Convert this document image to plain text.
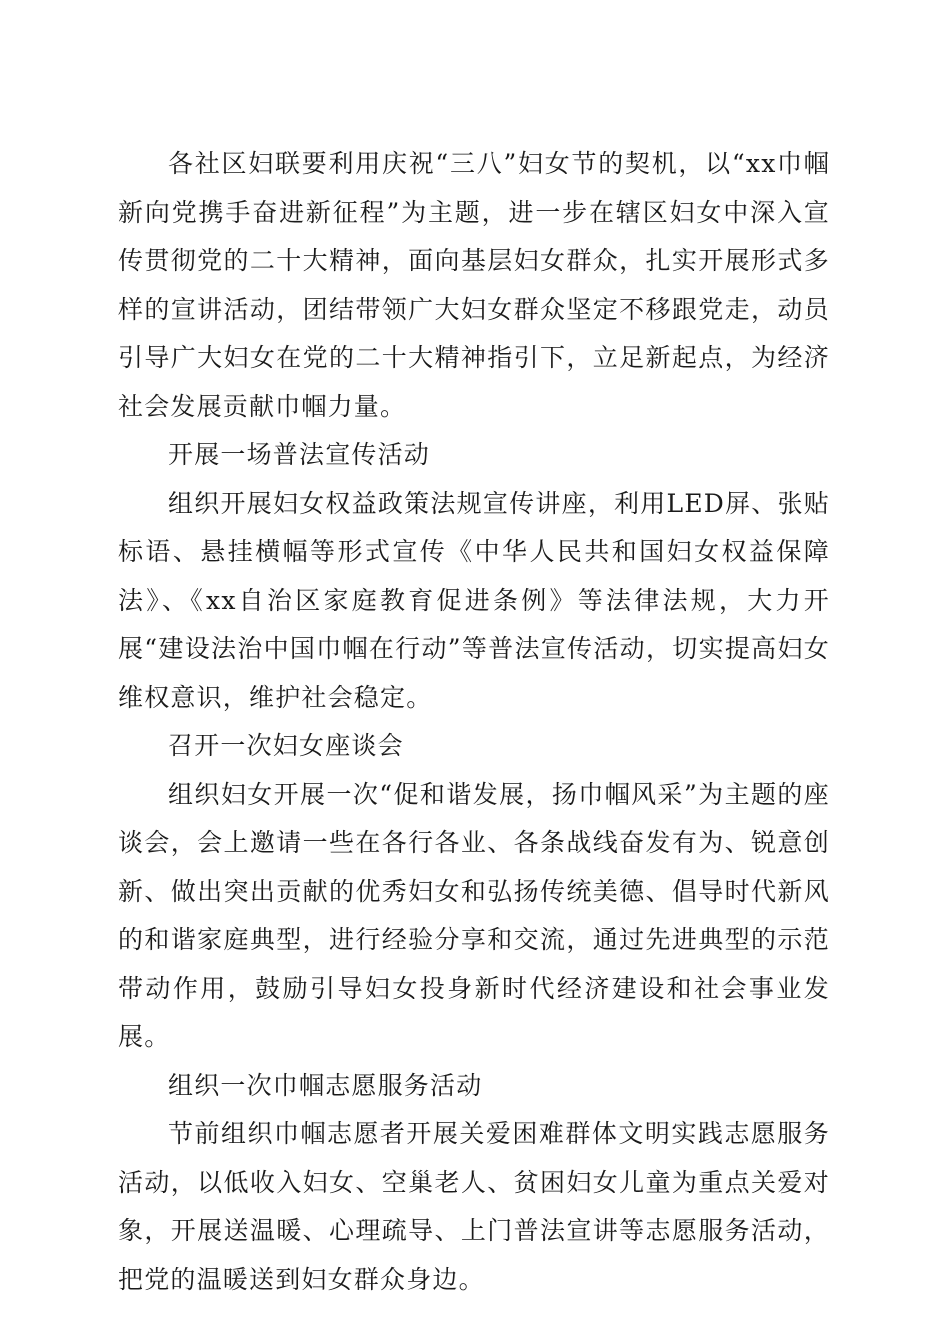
各社区妇联要利用庆祝“三八”妇女节的契机，以“xx巾帼新向党携手奋进新征程”为主题，进一步在辖区妇女中深入宣传贯彻党的二十大精神，面向基层妇女群众，扎实开展形式多样的宣讲活动，团结带领广大妇女群众坚定不移跟党走，动员引导广大妇女在党的二十大精神指引下，立足新起点，为经济社会发展贡献巾帼力量。

开展一场普法宣传活动

组织开展妇女权益政策法规宣传讲座，利用LED屏、张贴标语、悬挂横幅等形式宣传《中华人民共和国妇女权益保障法》、《xx自治区家庭教育促进条例》等法律法规，大力开展“建设法治中国巾帼在行动”等普法宣传活动，切实提高妇女维权意识，维护社会稳定。

召开一次妇女座谈会

组织妇女开展一次“促和谐发展，扬巾帼风采”为主题的座谈会，会上邀请一些在各行各业、各条战线奋发有为、锐意创新、做出突出贡献的优秀妇女和弘扬传统美德、倡导时代新风的和谐家庭典型，进行经验分享和交流，通过先进典型的示范带动作用，鼓励引导妇女投身新时代经济建设和社会事业发展。

组织一次巾帼志愿服务活动

节前组织巾帼志愿者开展关爱困难群体文明实践志愿服务活动，以低收入妇女、空巢老人、贫困妇女儿童为重点关爱对象，开展送温暖、心理疏导、上门普法宣讲等志愿服务活动，把党的温暖送到妇女群众身边。
